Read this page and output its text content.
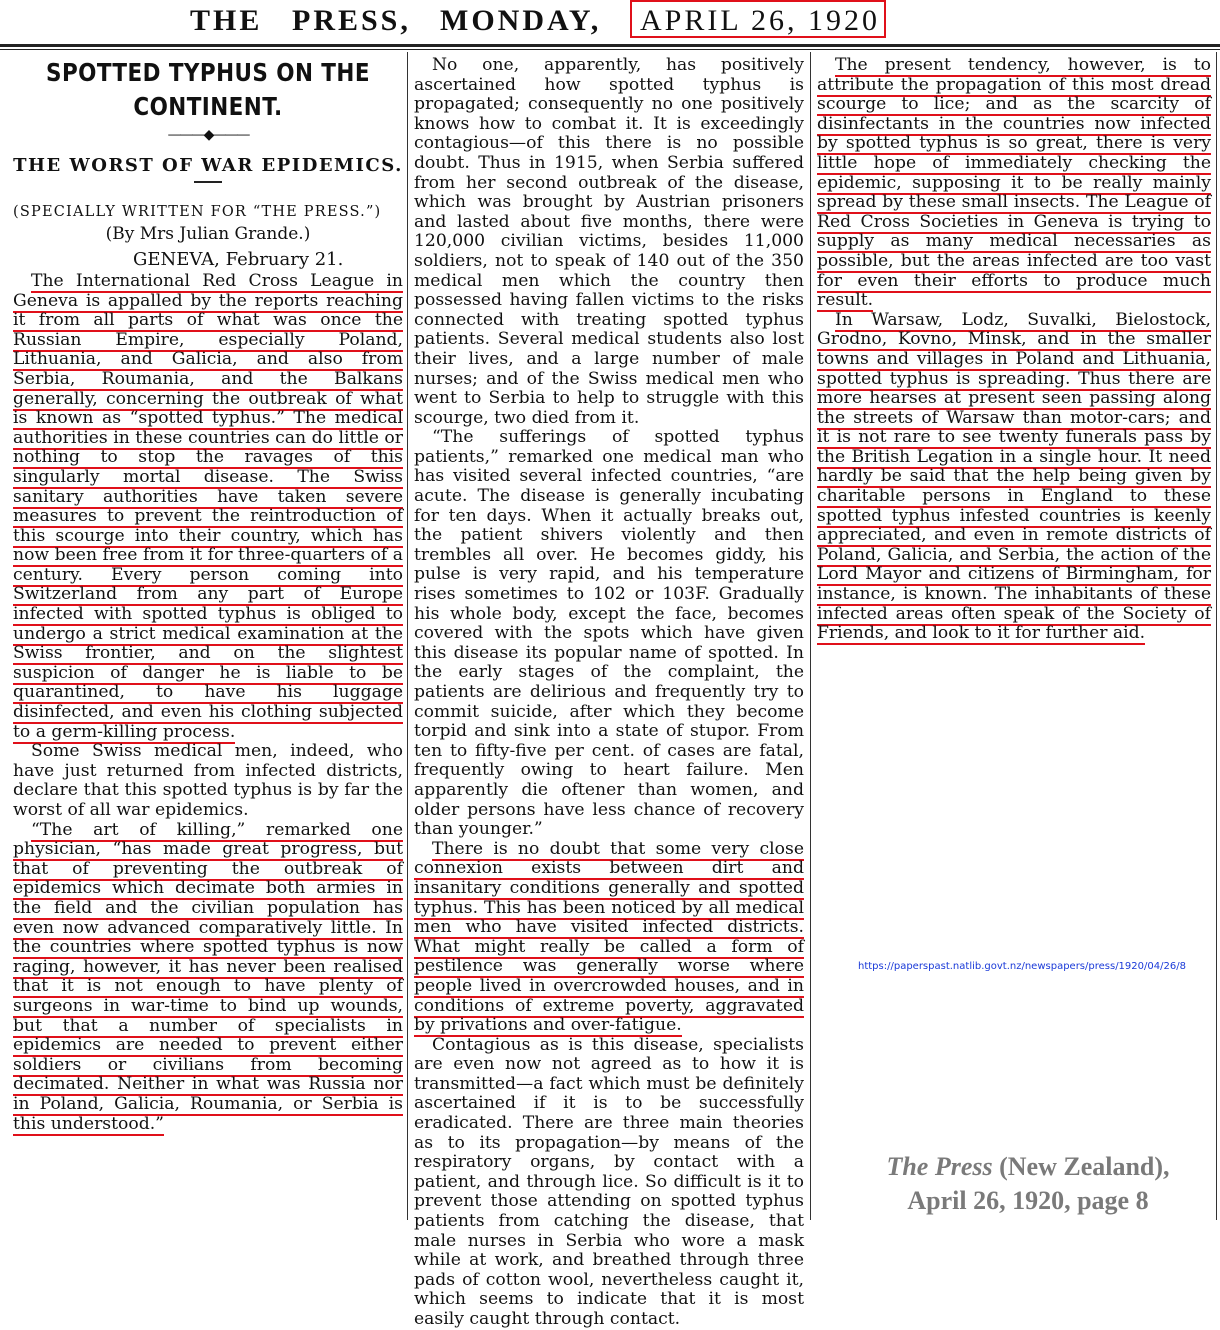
THE PRESS, MONDAY,	APRIL 26, 1920
SPOTTED TYPHUS ON THE CONTINENT.
———◆———
THE WORST OF WAR EPIDEMICS.

(SPECIALLY WRITTEN FOR “THE PRESS.”)

(By Mrs Julian Grande.)

GENEVA, February 21.

The International Red Cross League in Geneva is appalled by the reports reaching it from all parts of what was once the Russian Empire, especially Poland, Lithuania, and Galicia, and also from Serbia, Roumania, and the Balkans generally, concerning the outbreak of what is known as “spotted typhus.” The medical authorities in these countries can do little or nothing to stop the ravages of this singularly mortal disease. The Swiss sanitary authorities have taken severe measures to prevent the reintroduction of this scourge into their country, which has now been free from it for three-quarters of a century. Every person coming into Switzerland from any part of Europe infected with spotted typhus is obliged to undergo a strict medical examination at the Swiss frontier, and on the slightest suspicion of danger he is liable to be quarantined, to have his luggage disinfected, and even his clothing subjected to a germ-killing process.

Some Swiss medical men, indeed, who have just returned from infected districts, declare that this spotted typhus is by far the worst of all war epidemics.

“The art of killing,” remarked one physician, “has made great progress, but that of preventing the outbreak of epidemics which decimate both armies in the field and the civilian population has even now advanced comparatively little. In the countries where spotted typhus is now raging, however, it has never been realised that it is not enough to have plenty of surgeons in war-time to bind up wounds, but that a number of specialists in epidemics are needed to prevent either soldiers or civilians from becoming decimated. Neither in what was Russia nor in Poland, Galicia, Roumania, or Serbia is this understood.”

No one, apparently, has positively ascertained how spotted typhus is propagated; consequently no one positively knows how to combat it. It is exceedingly contagious—of this there is no possible doubt. Thus in 1915, when Serbia suffered from her second outbreak of the disease, which was brought by Austrian prisoners and lasted about five months, there were 120,000 civilian victims, besides 11,000 soldiers, not to speak of 140 out of the 350 medical men which the country then possessed having fallen victims to the risks connected with treating spotted typhus patients. Several medical students also lost their lives, and a large number of male nurses; and of the Swiss medical men who went to Serbia to help to struggle with this scourge, two died from it.

“The sufferings of spotted typhus patients,” remarked one medical man who has visited several infected countries, “are acute. The disease is generally incubating for ten days. When it actually breaks out, the patient shivers violently and then trembles all over. He becomes giddy, his pulse is very rapid, and his temperature rises sometimes to 102 or 103F. Gradually his whole body, except the face, becomes covered with the spots which have given this disease its popular name of spotted. In the early stages of the complaint, the patients are delirious and frequently try to commit suicide, after which they become torpid and sink into a state of stupor. From ten to fifty-five per cent. of cases are fatal, frequently owing to heart failure. Men apparently die oftener than women, and older persons have less chance of recovery than younger.”

There is no doubt that some very close connexion exists between dirt and insanitary conditions generally and spotted typhus. This has been noticed by all medical men who have visited infected districts. What might really be called a form of pestilence was generally worse where people lived in overcrowded houses, and in conditions of extreme poverty, aggravated by privations and over-fatigue.

Contagious as is this disease, specialists are even now not agreed as to how it is transmitted—a fact which must be definitely ascertained if it is to be successfully eradicated. There are three main theories as to its propagation—by means of the respiratory organs, by contact with a patient, and through lice. So difficult is it to prevent those attending on spotted typhus patients from catching the disease, that male nurses in Serbia who wore a mask while at work, and breathed through three pads of cotton wool, nevertheless caught it, which seems to indicate that it is most easily caught through contact.

The present tendency, however, is to attribute the propagation of this most dread scourge to lice; and as the scarcity of disinfectants in the countries now infected by spotted typhus is so great, there is very little hope of immediately checking the epidemic, supposing it to be really mainly spread by these small insects. The League of Red Cross Societies in Geneva is trying to supply as many medical necessaries as possible, but the areas infected are too vast for even their efforts to produce much result.

In Warsaw, Lodz, Suvalki, Bielostock, Grodno, Kovno, Minsk, and in the smaller towns and villages in Poland and Lithuania, spotted typhus is spreading. Thus there are more hearses at present seen passing along the streets of Warsaw than motor-cars; and it is not rare to see twenty funerals pass by the British Legation in a single hour. It need hardly be said that the help being given by charitable persons in England to these spotted typhus infested countries is keenly appreciated, and even in remote districts of Poland, Galicia, and Serbia, the action of the Lord Mayor and citizens of Birmingham, for instance, is known. The inhabitants of these infected areas often speak of the Society of Friends, and look to it for further aid.

https://paperspast.natlib.govt.nz/newspapers/press/1920/04/26/8
The Press (New Zealand),
April 26, 1920, page 8
